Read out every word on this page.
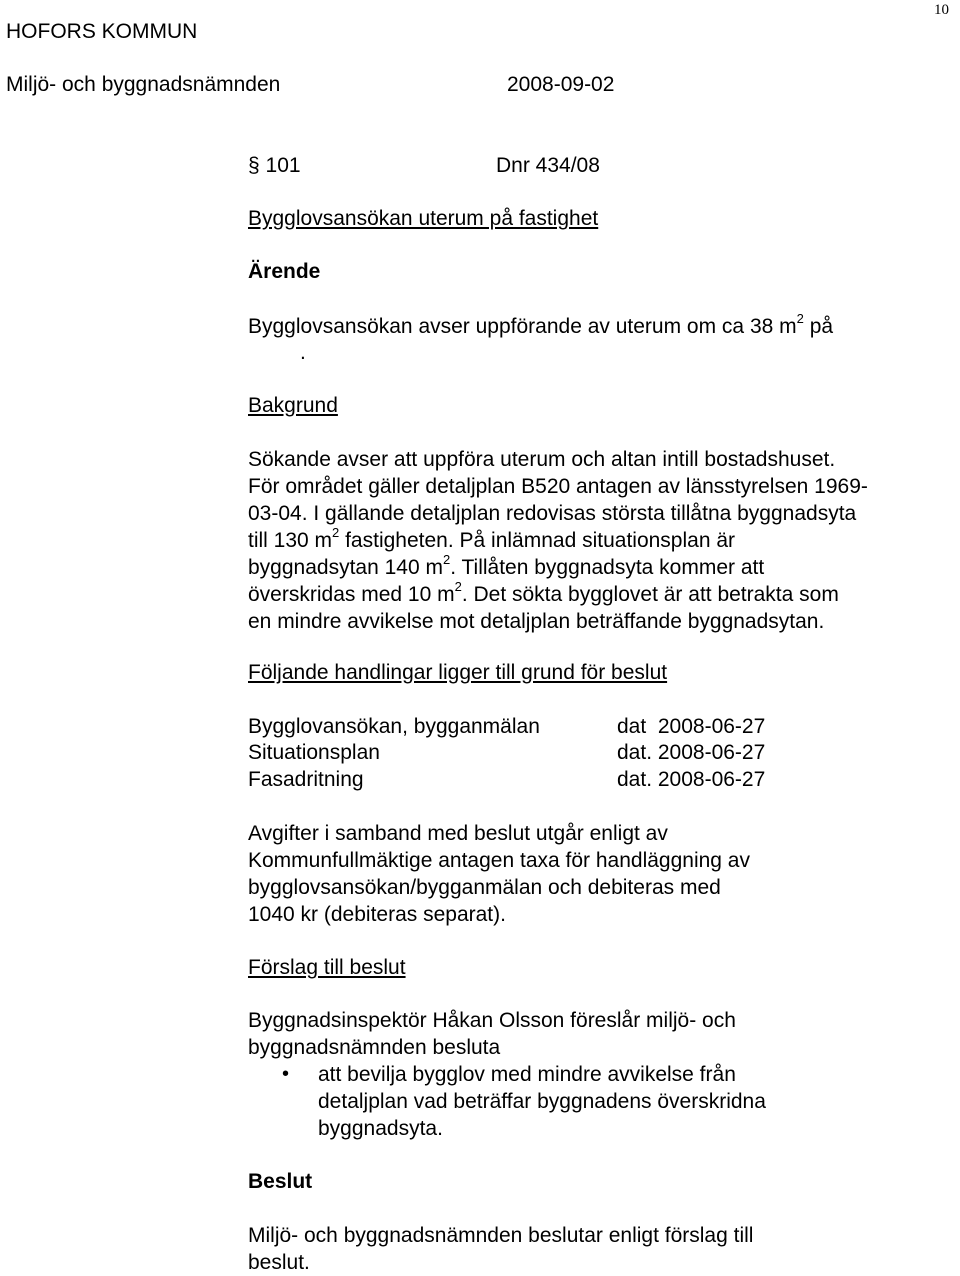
HOFORS KOMMUN
Miljö- och byggnadsnämnden	2008-09-02
10
§ 101	Dnr 434/08
Bygglovsansökan uterum på fastighet
Ärende
Bygglovsansökan avser uppförande av uterum om ca 38 $m^2$ på
.
Bakgrund
Sökande avser att uppföra uterum och altan intill bostadshuset.
För området gäller detaljplan B520 antagen av länsstyrelsen 1969-
03-04. I gällande detaljplan redovisas största tillåtna byggnadsyta
till 130 $m^2$ fastigheten. På inlämnad situationsplan är
byggnadsytan 140 $m^2$. Tillåten byggnadsyta kommer att
överskridas med 10 $m^2$. Det sökta bygglovet är att betrakta som
en mindre avvikelse mot detaljplan beträffande byggnadsytan.
Följande handlingar ligger till grund för beslut
Bygglovansökan, bygganmälan	dat  2008-06-27
Situationsplan	dat. 2008-06-27
Fasadritning	dat. 2008-06-27
Avgifter i samband med beslut utgår enligt av
Kommunfullmäktige antagen taxa för handläggning av
bygglovsansökan/bygganmälan och debiteras med
1040 kr (debiteras separat).
Förslag till beslut
Byggnadsinspektör Håkan Olsson föreslår miljö- och
byggnadsnämnden besluta
• att bevilja bygglov med mindre avvikelse från
detaljplan vad beträffar byggnadens överskridna
byggnadsyta.
Beslut
Miljö- och byggnadsnämnden beslutar enligt förslag till
beslut.
